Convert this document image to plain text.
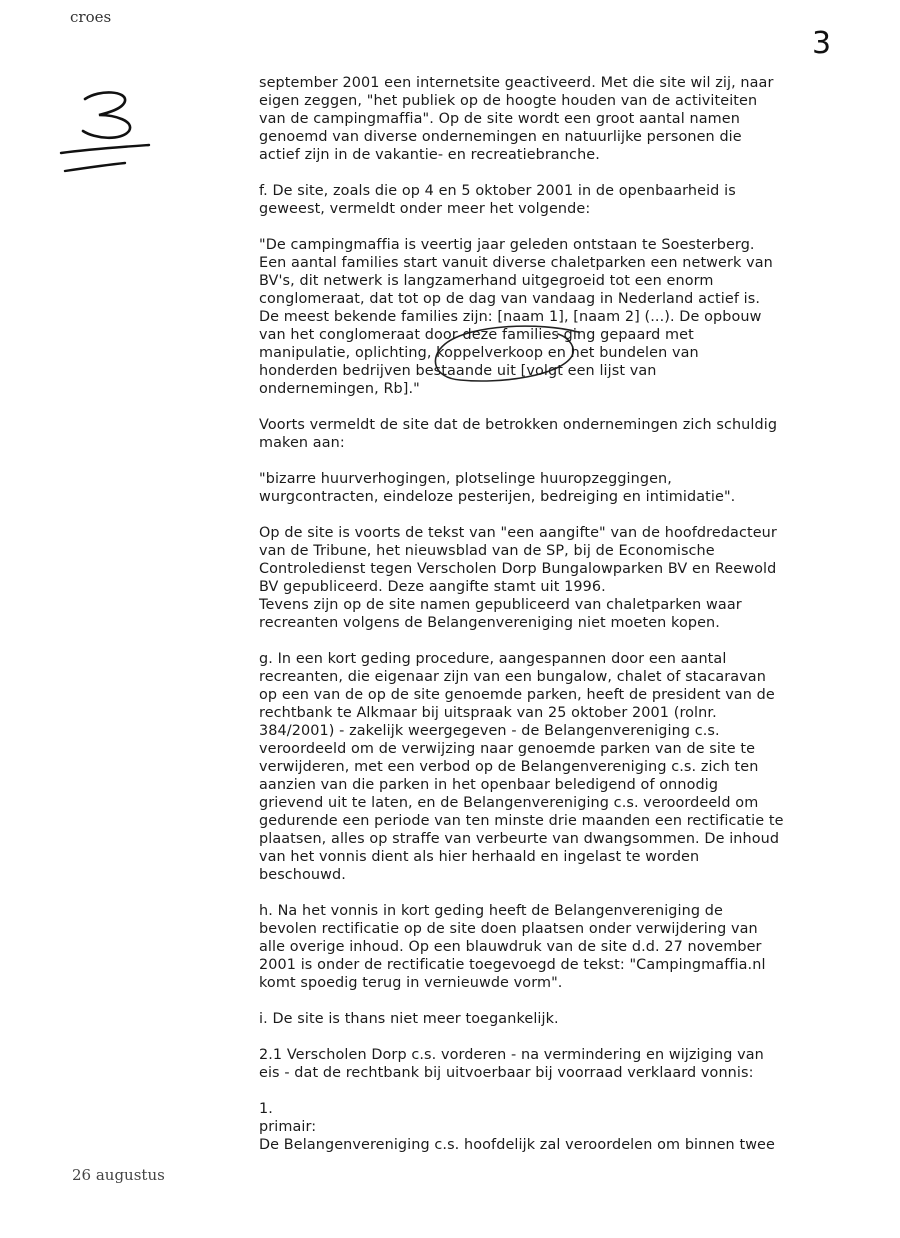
croes
3

september 2001 een internetsite geactiveerd. Met die site wil zij, naar
eigen zeggen, "het publiek op de hoogte houden van de activiteiten
van de campingmaffia". Op de site wordt een groot aantal namen
genoemd van diverse ondernemingen en natuurlijke personen die
actief zijn in de vakantie- en recreatiebranche.

f. De site, zoals die op 4 en 5 oktober 2001 in de openbaarheid is
geweest, vermeldt onder meer het volgende:

"De campingmaffia is veertig jaar geleden ontstaan te Soesterberg.
Een aantal families start vanuit diverse chaletparken een netwerk van
BV's, dit netwerk is langzamerhand uitgegroeid tot een enorm
conglomeraat, dat tot op de dag van vandaag in Nederland actief is.
De meest bekende families zijn: [naam 1], [naam 2] (...). De opbouw
van het conglomeraat door deze families ging gepaard met
manipulatie, oplichting, koppelverkoop en het bundelen van
honderden bedrijven bestaande uit [volgt een lijst van
ondernemingen, Rb]."

Voorts vermeldt de site dat de betrokken ondernemingen zich schuldig
maken aan:

"bizarre huurverhogingen, plotselinge huuropzeggingen,
wurgcontracten, eindeloze pesterijen, bedreiging en intimidatie".

Op de site is voorts de tekst van "een aangifte" van de hoofdredacteur
van de Tribune, het nieuwsblad van de SP, bij de Economische
Controledienst tegen Verscholen Dorp Bungalowparken BV en Reewold
BV gepubliceerd. Deze aangifte stamt uit 1996.
Tevens zijn op de site namen gepubliceerd van chaletparken waar
recreanten volgens de Belangenvereniging niet moeten kopen.

g. In een kort geding procedure, aangespannen door een aantal
recreanten, die eigenaar zijn van een bungalow, chalet of stacaravan
op een van de op de site genoemde parken, heeft de president van de
rechtbank te Alkmaar bij uitspraak van 25 oktober 2001 (rolnr.
384/2001) - zakelijk weergegeven - de Belangenvereniging c.s.
veroordeeld om de verwijzing naar genoemde parken van de site te
verwijderen, met een verbod op de Belangenvereniging c.s. zich ten
aanzien van die parken in het openbaar beledigend of onnodig
grievend uit te laten, en de Belangenvereniging c.s. veroordeeld om
gedurende een periode van ten minste drie maanden een rectificatie te
plaatsen, alles op straffe van verbeurte van dwangsommen. De inhoud
van het vonnis dient als hier herhaald en ingelast te worden
beschouwd.

h. Na het vonnis in kort geding heeft de Belangenvereniging de
bevolen rectificatie op de site doen plaatsen onder verwijdering van
alle overige inhoud. Op een blauwdruk van de site d.d. 27 november
2001 is onder de rectificatie toegevoegd de tekst: "Campingmaffia.nl
komt spoedig terug in vernieuwde vorm".

i. De site is thans niet meer toegankelijk.

2.1 Verscholen Dorp c.s. vorderen - na vermindering en wijziging van
eis - dat de rechtbank bij uitvoerbaar bij voorraad verklaard vonnis:

1.
primair:
De Belangenvereniging c.s. hoofdelijk zal veroordelen om binnen twee

26 augustus
